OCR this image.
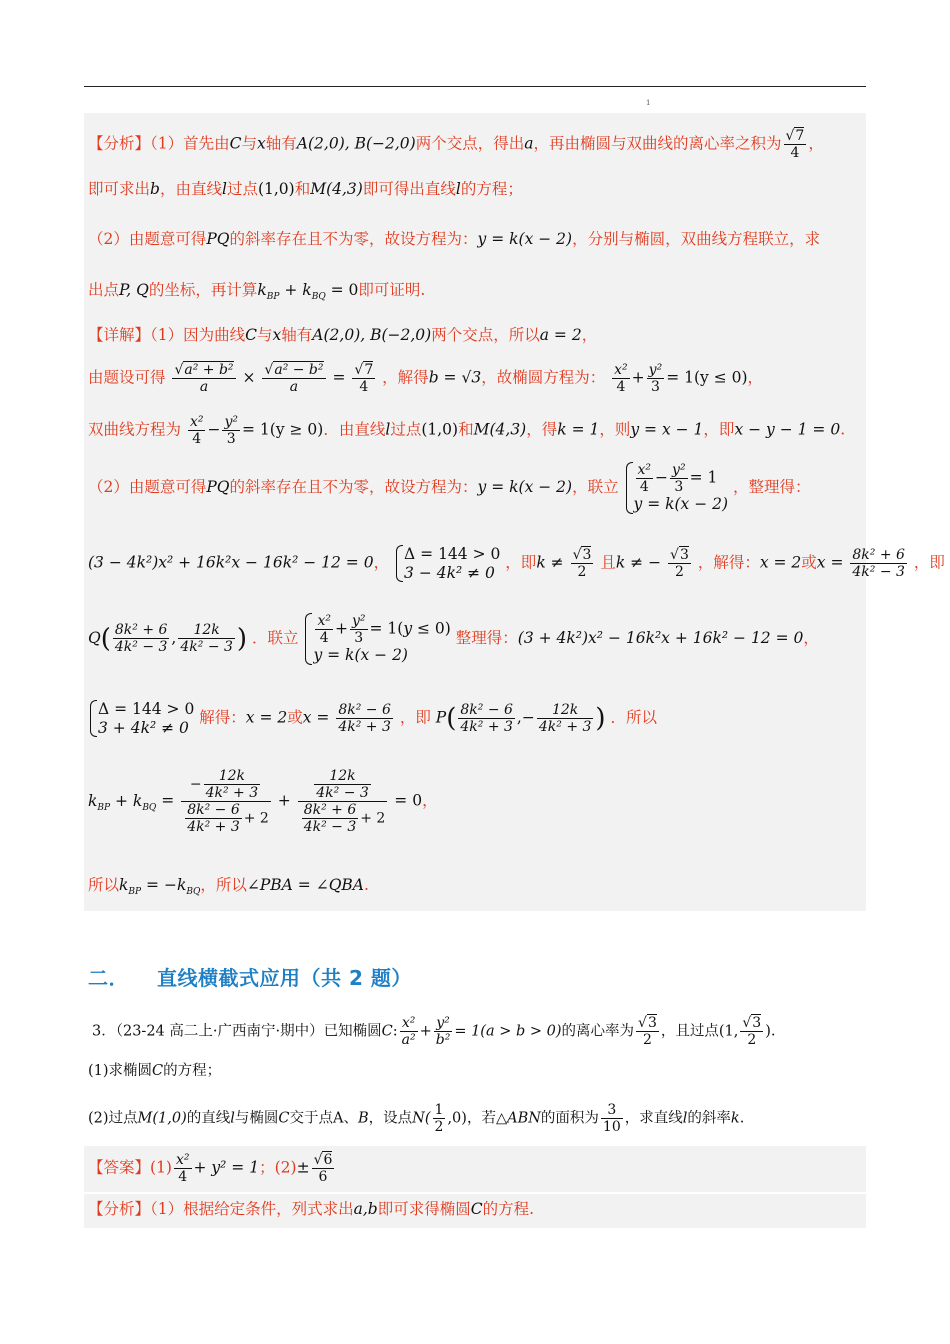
1
【分析】（1）首先由C与x轴有A(2,0), B(−2,0)两个交点，得出a，再由椭圆与双曲线的离心率之积为 $\frac{√7}{4}$ ，
即可求出b，由直线l过点(1,0)和M(4,3)即可得出直线l的方程；
（2）由题意可得PQ的斜率存在且不为零，故设方程为：y = k(x − 2)，分别与椭圆，双曲线方程联立，求
出点P, Q的坐标，再计算$k_{BP} + k_{BQ} = 0$即可证明.
【详解】（1）因为曲线C与x轴有A(2,0), B(−2,0)两个交点，所以a = 2，
由题设可得 $\frac{\text{√a² + b²}}{a} \times \frac{\text{√a² − b²}}{a} = \frac{√7}{4}$ ，解得b = √3，故椭圆方程为： $\frac{\text{x²}}{4} + \frac{\text{y²}}{3} = 1(y \le 0)$，
双曲线方程为 $\frac{\text{x²}}{4} - \frac{\text{y²}}{3} = 1(y \ge 0)$．由直线l过点(1,0)和M(4,3)，得k = 1，则y = x − 1，即x − y − 1 = 0.
（2）由题意可得PQ的斜率存在且不为零，故设方程为：y = k(x − 2)，联立 $\frac{\text{x²}}{4} - \frac{\text{y²}}{3} = 1$
y = k(x − 2)
，整理得：
(3 − 4k²)x² + 16k²x − 16k² − 12 = 0， Δ = 144 > 0
3 − 4k² ≠ 0
，即$k \ne \frac{√3}{2}$ 且k ≠ − $\frac{√3}{2}$ ，解得：x = 2或$x = \frac{\text{8k² + 6}}{\text{4k² − 3}}$ ，即
$Q( \frac{\text{8k² + 6}}{\text{4k² − 3}}$ , $\frac{12k}{\text{4k² − 3}}$ ) ．联立 $\frac{\text{x²}}{4} + \frac{\text{y²}}{3} = 1(y \le 0)$
y = k(x − 2)
整理得：(3 + 4k²)x² − 16k²x + 16k² − 12 = 0，
Δ = 144 > 0
3 + 4k² ≠ 0
解得：x = 2或$x = \frac{\text{8k² − 6}}{\text{4k² + 3}}$ ，即 $P( \frac{\text{8k² − 6}}{\text{4k² + 3}}$ ,− $\frac{12k}{\text{4k² + 3}}$ ) ．所以
$k_{BP} + k_{BQ} = \frac{- \frac{12k}{\text{4k² + 3}}}{\frac{\text{8k² − 6}}{\text{4k² + 3}} + 2} + \frac{\frac{12k}{\text{4k² − 3}}}{\frac{\text{8k² + 6}}{\text{4k² − 3}} + 2} = 0$，
所以$k_{BP} = -k_{BQ}$，所以∠PBA = ∠QBA.
二． 直线横截式应用（共 2 题）
3．（23-24 高二上·广西南宁·期中）已知椭圆C: $\frac{\text{x²}}{\text{a²}} + \frac{\text{y²}}{\text{b²}} = 1(a > b > 0)$的离心率为 $\frac{√3}{2}$ ，且过点(1, $\frac{√3}{2}$ ).
(1)求椭圆C的方程；
(2)过点M(1,0)的直线l与椭圆C交于点A、B，设点$N( \frac{1}{2} ,0)$，若△ABN的面积为 $\frac{3}{10}$ ，求直线l的斜率k.
【答案】$(1) \frac{\text{x²}}{4} + y^2 = 1$；$(2)\pm \frac{√6}{6}$
【分析】（1）根据给定条件，列式求出a,b即可求得椭圆C的方程.
